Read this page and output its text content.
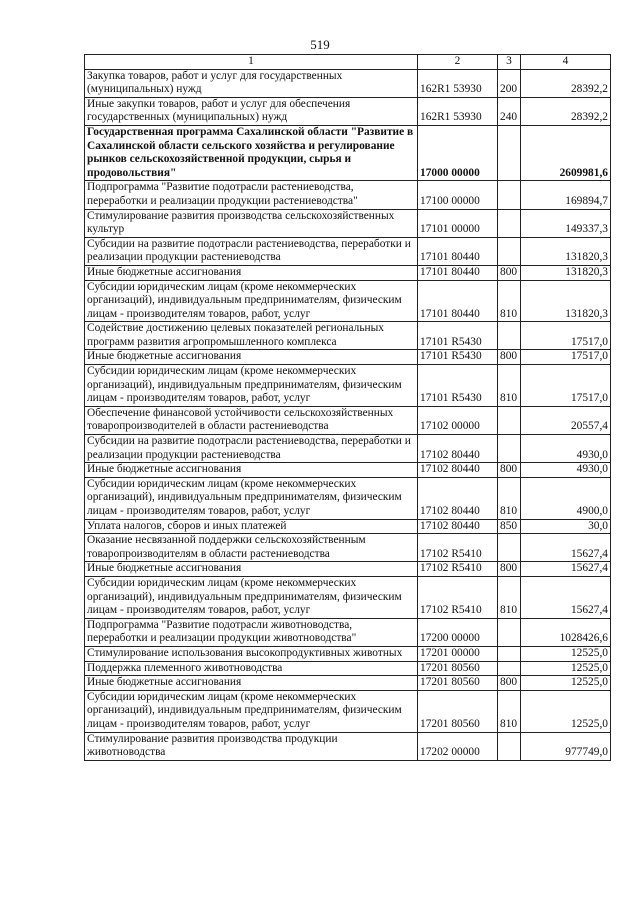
519
1	2	3	4
Закупка товаров, работ и услуг для государственных (муниципальных) нужд	162R1 53930	200	28392,2
Иные закупки товаров, работ и услуг для обеспечения государственных (муниципальных) нужд	162R1 53930	240	28392,2
Государственная программа Сахалинской области "Развитие в Сахалинской области сельского хозяйства и регулирование рынков сельскохозяйственной продукции, сырья и продовольствия"	17000 00000		2609981,6
Подпрограмма "Развитие подотрасли растениеводства, переработки и реализации продукции растениеводства"	17100 00000		169894,7
Стимулирование развития производства сельскохозяйственных культур	17101 00000		149337,3
Субсидии на развитие подотрасли растениеводства, переработки и реализации продукции растениеводства	17101 80440		131820,3
Иные бюджетные ассигнования	17101 80440	800	131820,3
Субсидии юридическим лицам (кроме некоммерческих организаций), индивидуальным предпринимателям, физическим лицам - производителям товаров, работ, услуг	17101 80440	810	131820,3
Содействие достижению целевых показателей региональных программ развития агропромышленного комплекса	17101 R5430		17517,0
Иные бюджетные ассигнования	17101 R5430	800	17517,0
Субсидии юридическим лицам (кроме некоммерческих организаций), индивидуальным предпринимателям, физическим лицам - производителям товаров, работ, услуг	17101 R5430	810	17517,0
Обеспечение финансовой устойчивости сельскохозяйственных товаропроизводителей в области растениеводства	17102 00000		20557,4
Субсидии на развитие подотрасли растениеводства, переработки и реализации продукции растениеводства	17102 80440		4930,0
Иные бюджетные ассигнования	17102 80440	800	4930,0
Субсидии юридическим лицам (кроме некоммерческих организаций), индивидуальным предпринимателям, физическим лицам - производителям товаров, работ, услуг	17102 80440	810	4900,0
Уплата налогов, сборов и иных платежей	17102 80440	850	30,0
Оказание несвязанной поддержки сельскохозяйственным товаропроизводителям в области растениеводства	17102 R5410		15627,4
Иные бюджетные ассигнования	17102 R5410	800	15627,4
Субсидии юридическим лицам (кроме некоммерческих организаций), индивидуальным предпринимателям, физическим лицам - производителям товаров, работ, услуг	17102 R5410	810	15627,4
Подпрограмма "Развитие подотрасли животноводства, переработки и реализации продукции животноводства"	17200 00000		1028426,6
Стимулирование использования высокопродуктивных животных	17201 00000		12525,0
Поддержка племенного животноводства	17201 80560		12525,0
Иные бюджетные ассигнования	17201 80560	800	12525,0
Субсидии юридическим лицам (кроме некоммерческих организаций), индивидуальным предпринимателям, физическим лицам - производителям товаров, работ, услуг	17201 80560	810	12525,0
Стимулирование развития производства продукции животноводства	17202 00000		977749,0
